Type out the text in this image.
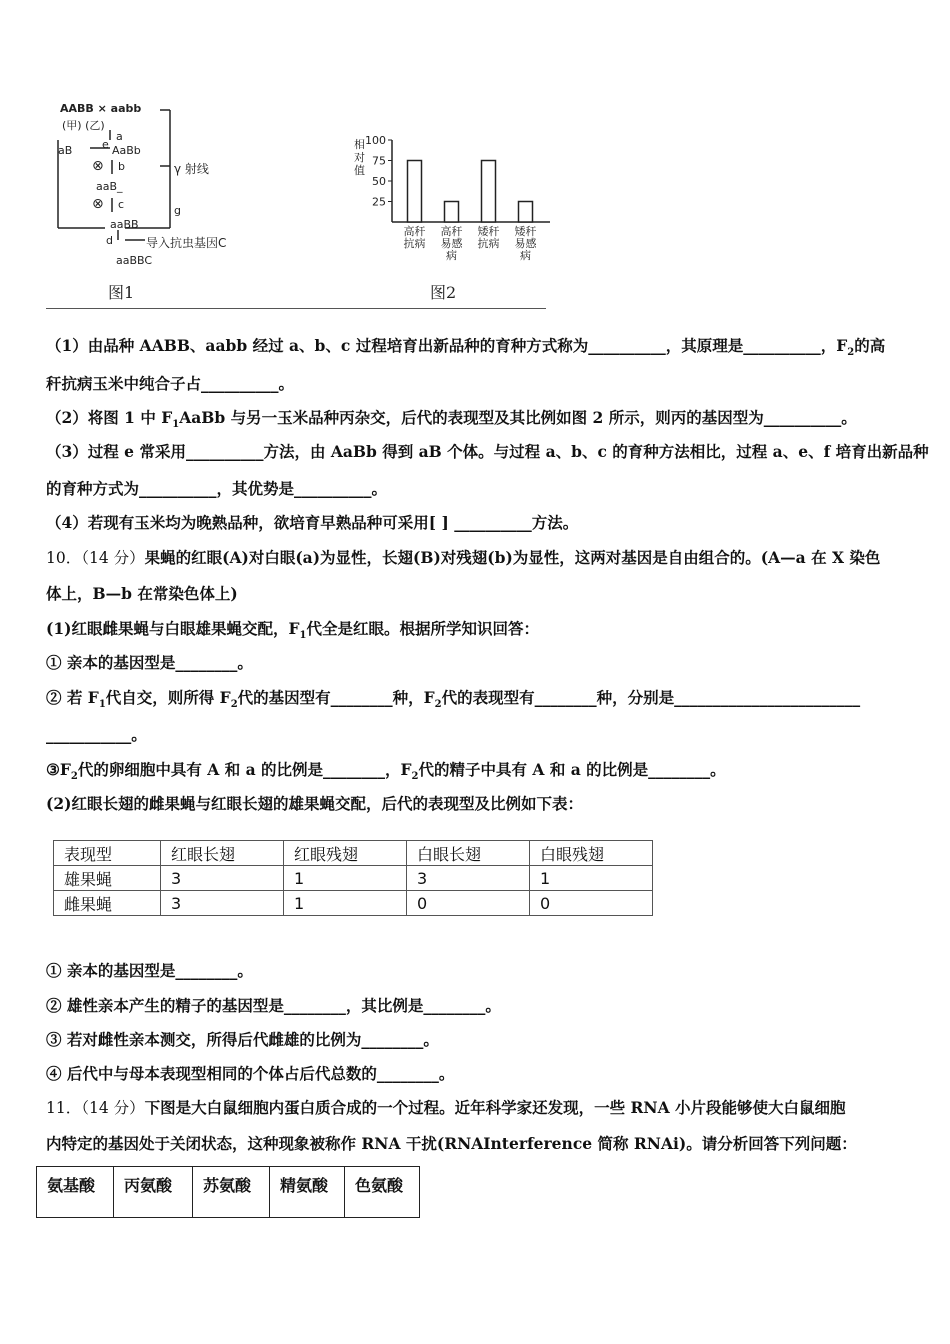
AABB × aabb
(甲) (乙)
a
e AaBb
aB
⊗ b
aaB_
γ 射线
⊗ c
aaBB
g
d	导入抗虫基因C
aaBBC
图1
相
对
值
25
50
75
100
高秆
抗病
高秆
易感
病
矮秆
抗病
矮秆
易感
病
图2
（1）由品种 AABB、aabb 经过 a、b、c 过程培育出新品种的育种方式称为__________，其原理是__________，$F_2$的高
秆抗病玉米中纯合子占__________。
（2）将图 1 中 $F_1AaBb$ 与另一玉米品种丙杂交，后代的表现型及其比例如图 2 所示，则丙的基因型为__________。
（3）过程 e 常采用__________方法，由 AaBb 得到 aB 个体。与过程 a、b、c 的育种方法相比，过程 a、e、f 培育出新品种
的育种方式为__________，其优势是__________。
（4）若现有玉米均为晚熟品种，欲培育早熟品种可采用[ ] __________方法。
10．（14 分）果蝇的红眼(A)对白眼(a)为显性，长翅(B)对残翅(b)为显性，这两对基因是自由组合的。(A—a 在 X 染色
体上，B—b 在常染色体上)
(1)红眼雌果蝇与白眼雄果蝇交配，$F_1$代全是红眼。根据所学知识回答：
① 亲本的基因型是________。
② 若 $F_1$代自交，则所得 $F_2$代的基因型有________种，$F_2$代的表现型有________种，分别是________________________
___________。
$③F_2$代的卵细胞中具有 A 和 a 的比例是________，$F_2$代的精子中具有 A 和 a 的比例是________。
(2)红眼长翅的雌果蝇与红眼长翅的雄果蝇交配，后代的表现型及比例如下表：
表现型	红眼长翅	红眼残翅	白眼长翅	白眼残翅
雄果蝇	3	1	3	1
雌果蝇	3	1	0	0
① 亲本的基因型是________。
② 雄性亲本产生的精子的基因型是________，其比例是________。
③ 若对雌性亲本测交，所得后代雌雄的比例为________。
④ 后代中与母本表现型相同的个体占后代总数的________。
11．（14 分）下图是大白鼠细胞内蛋白质合成的一个过程。近年科学家还发现，一些 RNA 小片段能够使大白鼠细胞
内特定的基因处于关闭状态，这种现象被称作 RNA 干扰(RNAInterference 简称 RNAi)。请分析回答下列问题：
氨基酸	丙氨酸	苏氨酸	精氨酸	色氨酸
